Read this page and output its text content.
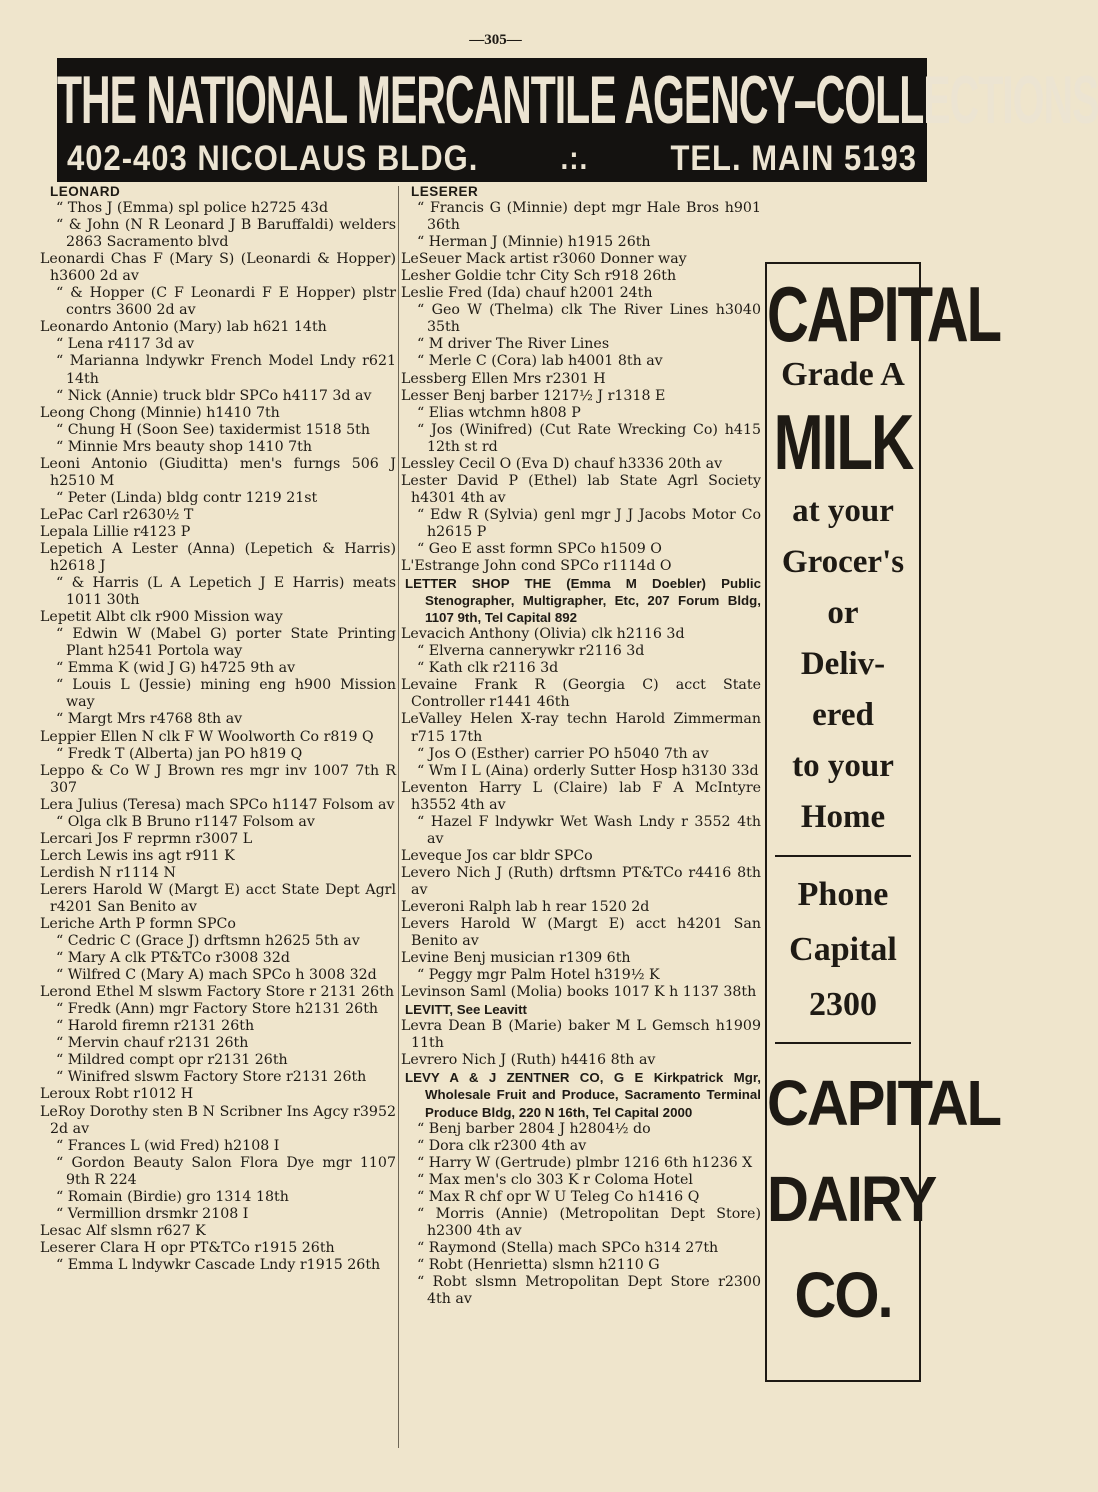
—305—
THE NATIONAL MERCANTILE AGENCY–COLLECTIONS
402-403 NICOLAUS BLDG.	.:.	TEL. MAIN 5193
LEONARD
“ Thos J (Emma) spl police h2725 43d
“ & John (N R Leonard J B Baruffaldi) welders 2863 Sacramento blvd
Leonardi Chas F (Mary S) (Leonardi & Hopper) h3600 2d av
“ & Hopper (C F Leonardi F E Hopper) plstr contrs 3600 2d av
Leonardo Antonio (Mary) lab h621 14th
“ Lena r4117 3d av
“ Marianna lndywkr French Model Lndy r621 14th
“ Nick (Annie) truck bldr SPCo h4117 3d av
Leong Chong (Minnie) h1410 7th
“ Chung H (Soon See) taxidermist 1518 5th
“ Minnie Mrs beauty shop 1410 7th
Leoni Antonio (Giuditta) men's furngs 506 J h2510 M
“ Peter (Linda) bldg contr 1219 21st
LePac Carl r2630½ T
Lepala Lillie r4123 P
Lepetich A Lester (Anna) (Lepetich & Harris) h2618 J
“ & Harris (L A Lepetich J E Harris) meats 1011 30th
Lepetit Albt clk r900 Mission way
“ Edwin W (Mabel G) porter State Printing Plant h2541 Portola way
“ Emma K (wid J G) h4725 9th av
“ Louis L (Jessie) mining eng h900 Mission way
“ Margt Mrs r4768 8th av
Leppier Ellen N clk F W Woolworth Co r819 Q
“ Fredk T (Alberta) jan PO h819 Q
Leppo & Co W J Brown res mgr inv 1007 7th R 307
Lera Julius (Teresa) mach SPCo h1147 Folsom av
“ Olga clk B Bruno r1147 Folsom av
Lercari Jos F reprmn r3007 L
Lerch Lewis ins agt r911 K
Lerdish N r1114 N
Lerers Harold W (Margt E) acct State Dept Agrl r4201 San Benito av
Leriche Arth P formn SPCo
“ Cedric C (Grace J) drftsmn h2625 5th av
“ Mary A clk PT&TCo r3008 32d
“ Wilfred C (Mary A) mach SPCo h 3008 32d
Lerond Ethel M slswm Factory Store r 2131 26th
“ Fredk (Ann) mgr Factory Store h2131 26th
“ Harold firemn r2131 26th
“ Mervin chauf r2131 26th
“ Mildred compt opr r2131 26th
“ Winifred slswm Factory Store r2131 26th
Leroux Robt r1012 H
LeRoy Dorothy sten B N Scribner Ins Agcy r3952 2d av
“ Frances L (wid Fred) h2108 I
“ Gordon Beauty Salon Flora Dye mgr 1107 9th R 224
“ Romain (Birdie) gro 1314 18th
“ Vermillion drsmkr 2108 I
Lesac Alf slsmn r627 K
Leserer Clara H opr PT&TCo r1915 26th
“ Emma L lndywkr Cascade Lndy r1915 26th
LESERER
“ Francis G (Minnie) dept mgr Hale Bros h901 36th
“ Herman J (Minnie) h1915 26th
LeSeuer Mack artist r3060 Donner way
Lesher Goldie tchr City Sch r918 26th
Leslie Fred (Ida) chauf h2001 24th
“ Geo W (Thelma) clk The River Lines h3040 35th
“ M driver The River Lines
“ Merle C (Cora) lab h4001 8th av
Lessberg Ellen Mrs r2301 H
Lesser Benj barber 1217½ J r1318 E
“ Elias wtchmn h808 P
“ Jos (Winifred) (Cut Rate Wrecking Co) h415 12th st rd
Lessley Cecil O (Eva D) chauf h3336 20th av
Lester David P (Ethel) lab State Agrl Society h4301 4th av
“ Edw R (Sylvia) genl mgr J J Jacobs Motor Co h2615 P
“ Geo E asst formn SPCo h1509 O
L'Estrange John cond SPCo r1114d O
LETTER SHOP THE (Emma M Doebler) Public Stenographer, Multigrapher, Etc, 207 Forum Bldg, 1107 9th, Tel Capital 892
Levacich Anthony (Olivia) clk h2116 3d
“ Elverna cannerywkr r2116 3d
“ Kath clk r2116 3d
Levaine Frank R (Georgia C) acct State Controller r1441 46th
LeValley Helen X-ray techn Harold Zimmerman r715 17th
“ Jos O (Esther) carrier PO h5040 7th av
“ Wm I L (Aina) orderly Sutter Hosp h3130 33d
Leventon Harry L (Claire) lab F A McIntyre h3552 4th av
“ Hazel F lndywkr Wet Wash Lndy r 3552 4th av
Leveque Jos car bldr SPCo
Levero Nich J (Ruth) drftsmn PT&TCo r4416 8th av
Leveroni Ralph lab h rear 1520 2d
Levers Harold W (Margt E) acct h4201 San Benito av
Levine Benj musician r1309 6th
“ Peggy mgr Palm Hotel h319½ K
Levinson Saml (Molia) books 1017 K h 1137 38th
LEVITT, See Leavitt
Levra Dean B (Marie) baker M L Gemsch h1909 11th
Levrero Nich J (Ruth) h4416 8th av
LEVY A & J ZENTNER CO, G E Kirkpatrick Mgr, Wholesale Fruit and Produce, Sacramento Terminal Produce Bldg, 220 N 16th, Tel Capital 2000
“ Benj barber 2804 J h2804½ do
“ Dora clk r2300 4th av
“ Harry W (Gertrude) plmbr 1216 6th h1236 X
“ Max men's clo 303 K r Coloma Hotel
“ Max R chf opr W U Teleg Co h1416 Q
“ Morris (Annie) (Metropolitan Dept Store) h2300 4th av
“ Raymond (Stella) mach SPCo h314 27th
“ Robt (Henrietta) slsmn h2110 G
“ Robt slsmn Metropolitan Dept Store r2300 4th av
CAPITAL
Grade A
MILK
at your
Grocer's
or
Deliv-
ered
to your
Home
Phone
Capital
2300
CAPITAL
DAIRY
CO.
